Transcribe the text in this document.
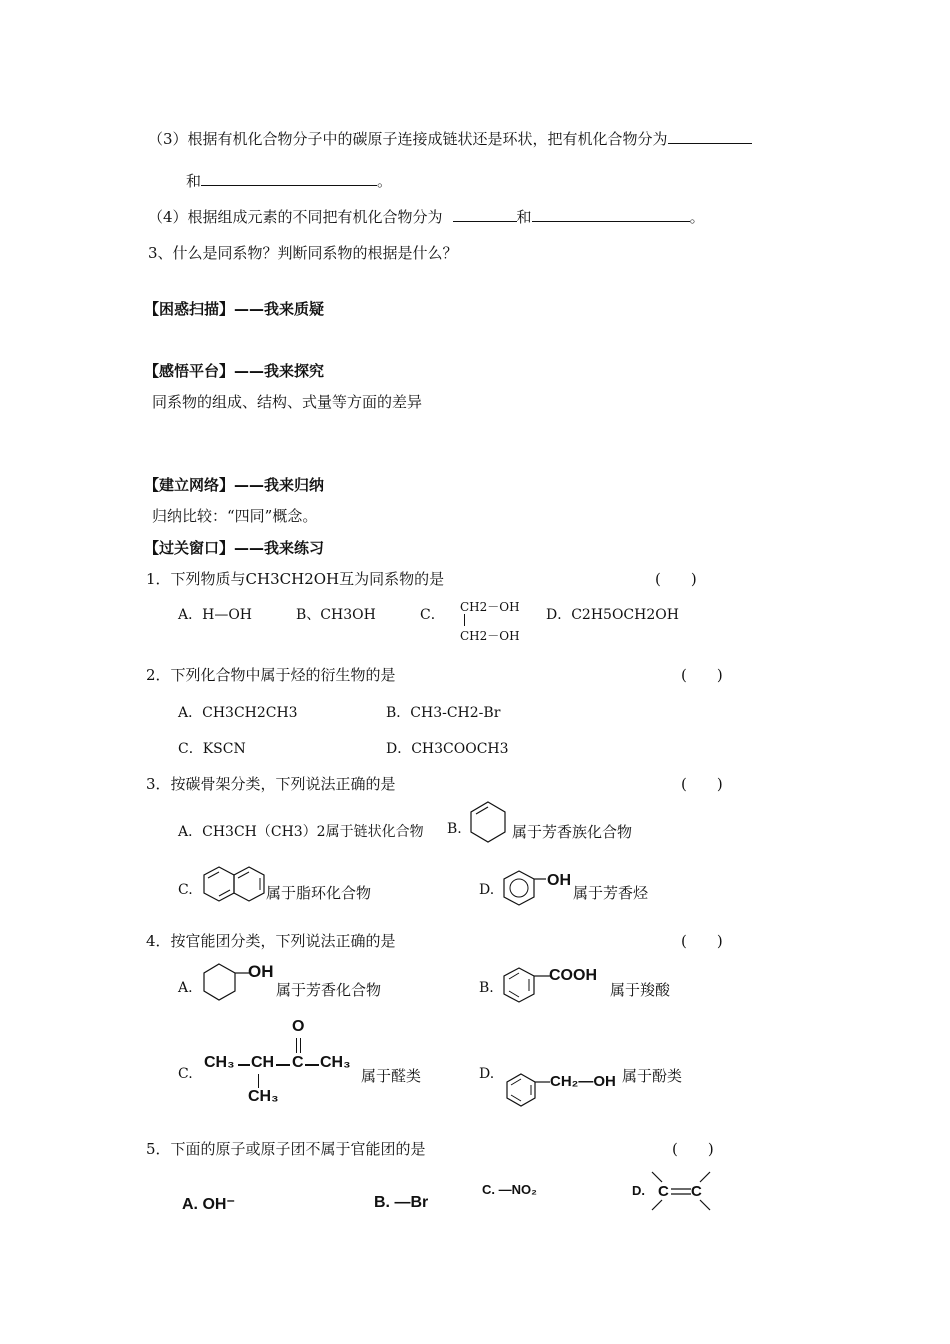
（3）根据有机化合物分子中的碳原子连接成链状还是环状，把有机化合物分为
和	。
（4）根据组成元素的不同把有机化合物分为	和	。
3、什么是同系物？判断同系物的根据是什么？
【困惑扫描】——我来质疑
【感悟平台】——我来探究
同系物的组成、结构、式量等方面的差异
【建立网络】——我来归纳
归纳比较：“四同”概念。
【过关窗口】——我来练习
1．下列物质与CH3CH2OH互为同系物的是	(　　)
A．H—OH	B、CH3OH	C． CH2－OH
CH2－OH
D．C2H5OCH2OH
2．下列化合物中属于烃的衍生物的是	(　　)
A．CH3CH2CH3	B．CH3-CH2-Br
C．KSCN	D．CH3COOCH3
3．按碳骨架分类，下列说法正确的是	(　　)
A．CH3CH（CH3）2属于链状化合物 B.	属于芳香族化合物
C.	属于脂环化合物	D.
OH
属于芳香烃
4．按官能团分类，下列说法正确的是	(　　)
A.
OH
属于芳香化合物	B.
COOH
属于羧酸
C.
O
CH₃ CH C CH₃
CH₃
属于醛类	D.	CH₂—OH 属于酚类
5．下面的原子或原子团不属于官能团的是	(　　)
A. OH⁻	B. —Br
C. —NO₂	D. C C
